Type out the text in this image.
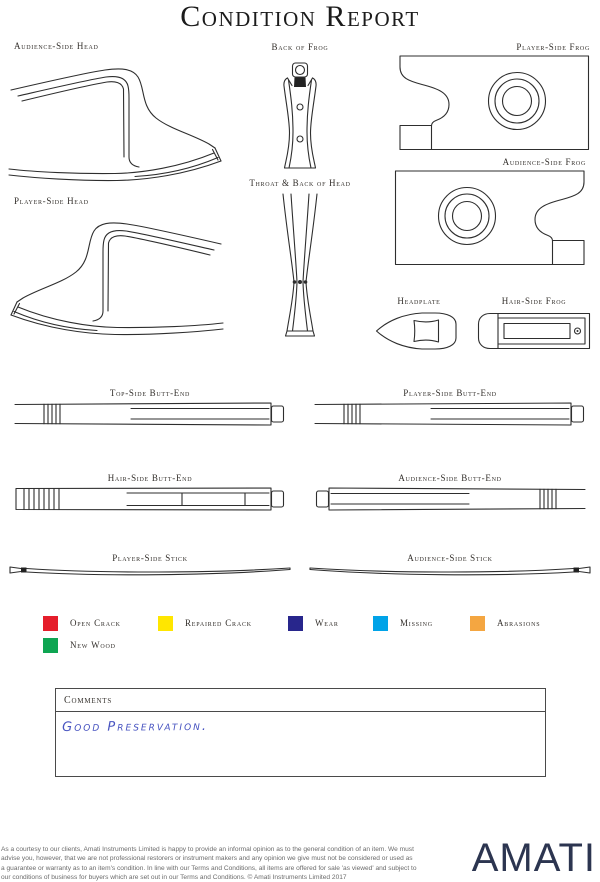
Condition Report
Audience-Side Head	Back of Frog	Player-Side Frog
Audience-Side Frog
Player-Side Head
Throat & Back of Head
Headplate	Hair-Side Frog
Top-Side Butt-End	Player-Side Butt-End
Hair-Side Butt-End	Audience-Side Butt-End
Player-Side Stick	Audience-Side Stick
Open Crack	Repaired Crack	Wear	Missing	Abrasions
New Wood
Comments
Good Preservation.
As a courtesy to our clients, Amati Instruments Limited is happy to provide an informal opinion as to the general condition of an item. We must
advise you, however, that we are not professional restorers or instrument makers and any opinion we give must not be considered or used as
a guarantee or warranty as to an item's condition. In line with our Terms and Conditions, all items are offered for sale 'as viewed' and subject to
our conditions of business for buyers which are set out in our Terms and Conditions. © Amati Instruments Limited 2017	AMATI
